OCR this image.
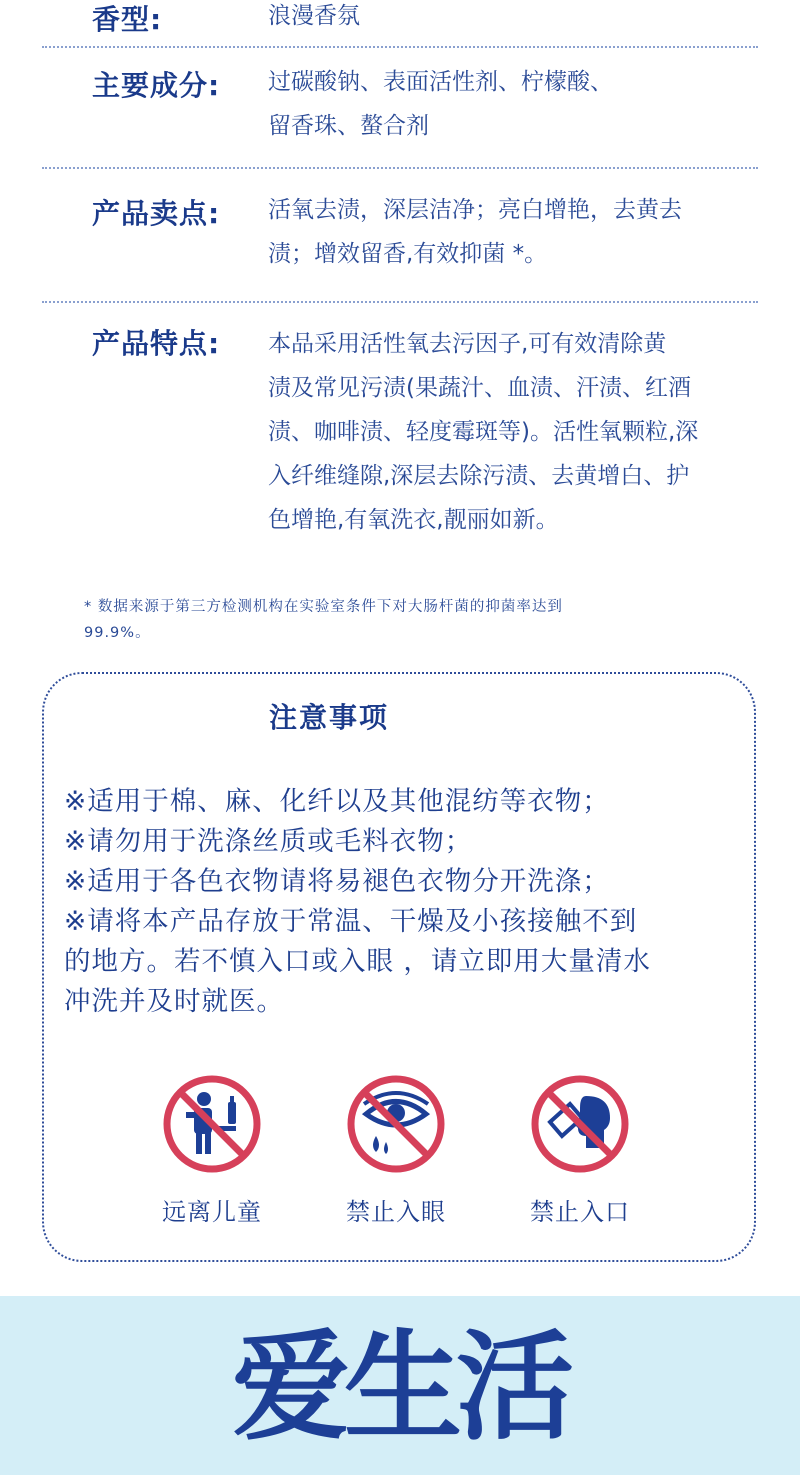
香型:	浪漫香氛
主要成分: 过碳酸钠、表面活性剂、柠檬酸、
留香珠、螯合剂
产品卖点: 活氧去渍，深层洁净；亮白增艳，去黄去
渍；增效留香,有效抑菌 *。
产品特点: 本品采用活性氧去污因子,可有效清除黄
渍及常见污渍(果蔬汁、血渍、汗渍、红酒
渍、咖啡渍、轻度霉斑等)。活性氧颗粒,深
入纤维缝隙,深层去除污渍、去黄增白、护
色增艳,有氧洗衣,靓丽如新。
* 数据来源于第三方检测机构在实验室条件下对大肠杆菌的抑菌率达到
99.9%。
注意事项
※适用于棉、麻、化纤以及其他混纺等衣物；
※请勿用于洗涤丝质或毛料衣物；
※适用于各色衣物请将易褪色衣物分开洗涤；
※请将本产品存放于常温、干燥及小孩接触不到
的地方。若不慎入口或入眼 ，请立即用大量清水
冲洗并及时就医。
远离儿童	禁止入眼	禁止入口
爱生活
